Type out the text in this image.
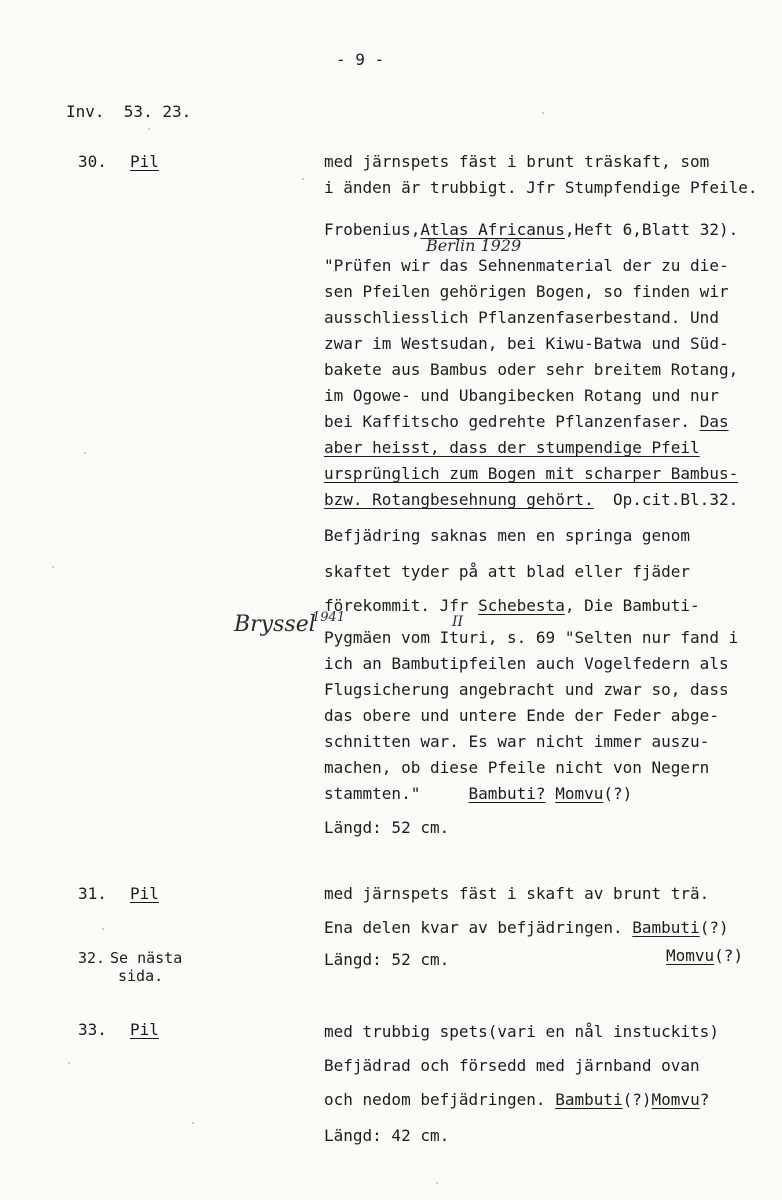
- 9 -
Inv.  53. 23.
30. Pil	med järnspets fäst i brunt träskaft, som
i änden är trubbigt. Jfr Stumpfendige Pfeile.
Frobenius,Atlas Africanus,Heft 6,Blatt 32).
Berlin 1929
"Prüfen wir das Sehnenmaterial der zu die-
sen Pfeilen gehörigen Bogen, so finden wir
ausschliesslich Pflanzenfaserbestand. Und
zwar im Westsudan, bei Kiwu-Batwa und Süd-
bakete aus Bambus oder sehr breitem Rotang,
im Ogowe- und Ubangibecken Rotang und nur
bei Kaffitscho gedrehte Pflanzenfaser. Das
aber heisst, dass der stumpendige Pfeil
ursprünglich zum Bogen mit scharper Bambus-
bzw. Rotangbesehnung gehört.  Op.cit.Bl.32.
Befjädring saknas men en springa genom
skaftet tyder på att blad eller fjäder
förekommit. Jfr Schebesta, Die Bambuti-
Bryssel
1941	II
Pygmäen vom Ituri, s. 69 "Selten nur fand i
ich an Bambutipfeilen auch Vogelfedern als
Flugsicherung angebracht und zwar so, dass
das obere und untere Ende der Feder abge-
schnitten war. Es war nicht immer auszu-
machen, ob diese Pfeile nicht von Negern
stammten."	Bambuti? Momvu(?)
Längd: 52 cm.
31. Pil	med järnspets fäst i skaft av brunt trä.
Ena delen kvar av befjädringen. Bambuti(?)
Längd: 52 cm.	Momvu(?)
32. Se nästa
sida.
33. Pil	med trubbig spets(vari en nål instuckits)
Befjädrad och försedd med järnband ovan
och nedom befjädringen. Bambuti(?)Momvu?
Längd: 42 cm.
